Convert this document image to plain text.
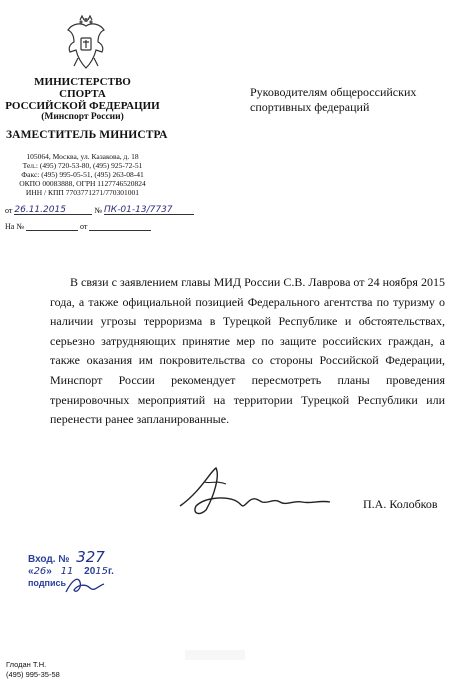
МИНИСТЕРСТВО
СПОРТА
РОССИЙСКОЙ ФЕДЕРАЦИИ
(Минспорт России)
ЗАМЕСТИТЕЛЬ МИНИСТРА
105064, Москва, ул. Казакова, д. 18
Тел.: (495) 720-53-80, (495) 925-72-51
Факс: (495) 995-05-51, (495) 263-08-41
ОКПО 00083888, ОГРН 1127746520824
ИНН / КПП 7703771271/770301001
от 26.11.2015	№ ПК-01-13/7737
На №	от
Руководителям общероссийских
спортивных федераций

В связи с заявлением главы МИД России С.В. Лаврова от 24 ноября 2015 года, а также официальной позицией Федерального агентства по туризму о наличии угрозы терроризма в Турецкой Республике и обстоятельствах, серьезно затрудняющих принятие мер по защите российских граждан, а также оказания им покровительства со стороны Российской Федерации, Минспорт России рекомендует пересмотреть планы проведения тренировочных мероприятий на территории Турецкой Республики или перенести ранее запланированные.

П.А. Колобков
Вход. № 327
«26» 11 2015г.
подпись
Глодан Т.Н.
(495) 995-35-58
